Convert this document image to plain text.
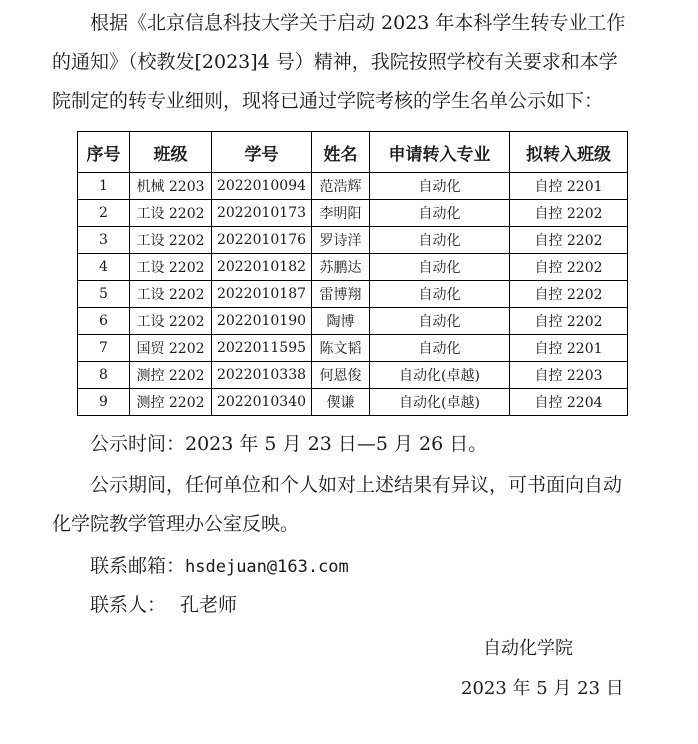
根据《北京信息科技大学关于启动 2023 年本科学生转专业工作
的通知》（校教发[2023]4 号）精神，我院按照学校有关要求和本学
院制定的转专业细则，现将已通过学院考核的学生名单公示如下：
序号	班级	学号	姓名	申请转入专业	拟转入班级
1	机械 2203	2022010094	范浩辉	自动化	自控 2201
2	工设 2202	2022010173	李明阳	自动化	自控 2202
3	工设 2202	2022010176	罗诗洋	自动化	自控 2202
4	工设 2202	2022010182	苏鹏达	自动化	自控 2202
5	工设 2202	2022010187	雷博翔	自动化	自控 2202
6	工设 2202	2022010190	陶博	自动化	自控 2202
7	国贸 2202	2022011595	陈文韬	自动化	自控 2201
8	测控 2202	2022010338	何恩俊	自动化(卓越)	自控 2203
9	测控 2202	2022010340	偰谦	自动化(卓越)	自控 2204
公示时间：2023 年 5 月 23 日—5 月 26 日。
公示期间，任何单位和个人如对上述结果有异议，可书面向自动
化学院教学管理办公室反映。
联系邮箱：hsdejuan@163.com
联系人： 孔老师
自动化学院
2023 年 5 月 23 日
